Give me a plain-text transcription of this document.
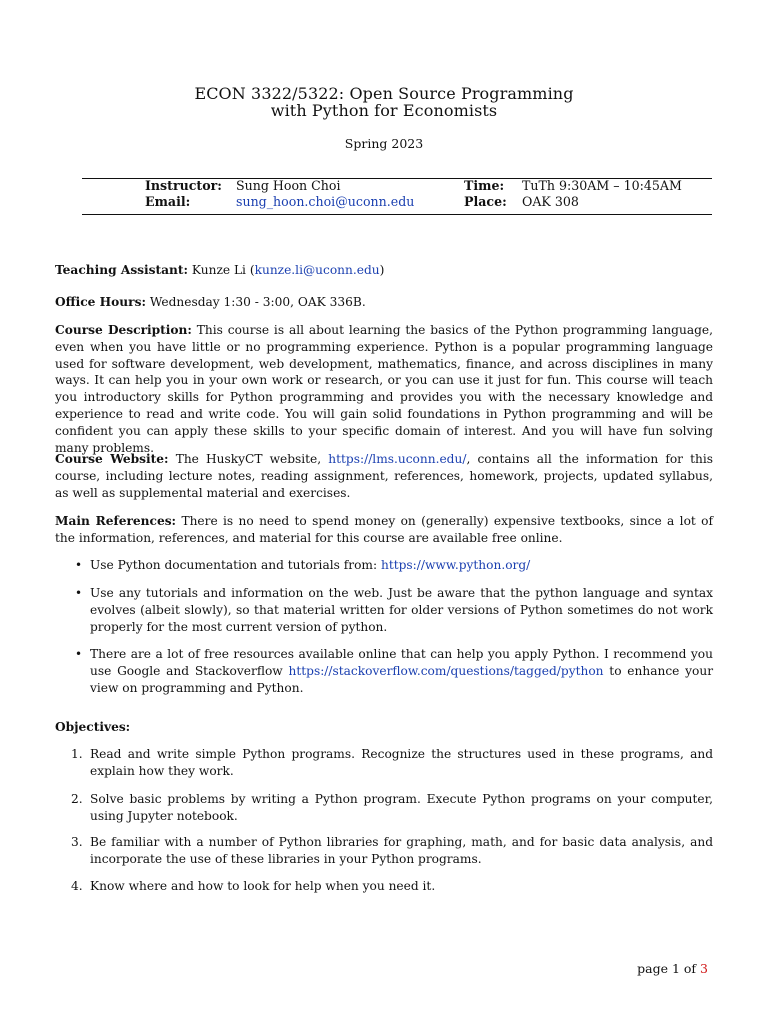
ECON 3322/5322: Open Source Programming
with Python for Economists
Spring 2023
Instructor: Sung Hoon Choi	Time: TuTh 9:30AM – 10:45AM
Email:	sung_hoon.choi@uconn.edu	Place: OAK 308

Teaching Assistant: Kunze Li (kunze.li@uconn.edu)

Office Hours: Wednesday 1:30 - 3:00, OAK 336B.

Course Description: This course is all about learning the basics of the Python programming language, even when you have little or no programming experience. Python is a popular programming language used for software development, web development, mathematics, finance, and across disciplines in many ways. It can help you in your own work or research, or you can use it just for fun. This course will teach you introductory skills for Python programming and provides you with the necessary knowledge and experience to read and write code. You will gain solid foundations in Python programming and will be confident you can apply these skills to your specific domain of interest. And you will have fun solving many problems.

Course Website: The HuskyCT website, https://lms.uconn.edu/, contains all the information for this course, including lecture notes, reading assignment, references, homework, projects, updated syllabus, as well as supplemental material and exercises.

Main References: There is no need to spend money on (generally) expensive textbooks, since a lot of the information, references, and material for this course are available free online.

• Use Python documentation and tutorials from: https://www.python.org/
• Use any tutorials and information on the web. Just be aware that the python language and syntax evolves (albeit slowly), so that material written for older versions of Python sometimes do not work properly for the most current version of python.
• There are a lot of free resources available online that can help you apply Python. I recommend you use Google and Stackoverflow https://stackoverflow.com/questions/tagged/python to enhance your view on programming and Python.
Objectives:
1. Read and write simple Python programs. Recognize the structures used in these programs, and explain how they work.
2. Solve basic problems by writing a Python program. Execute Python programs on your computer, using Jupyter notebook.
3. Be familiar with a number of Python libraries for graphing, math, and for basic data analysis, and incorporate the use of these libraries in your Python programs.
4. Know where and how to look for help when you need it.
page 1 of 3
